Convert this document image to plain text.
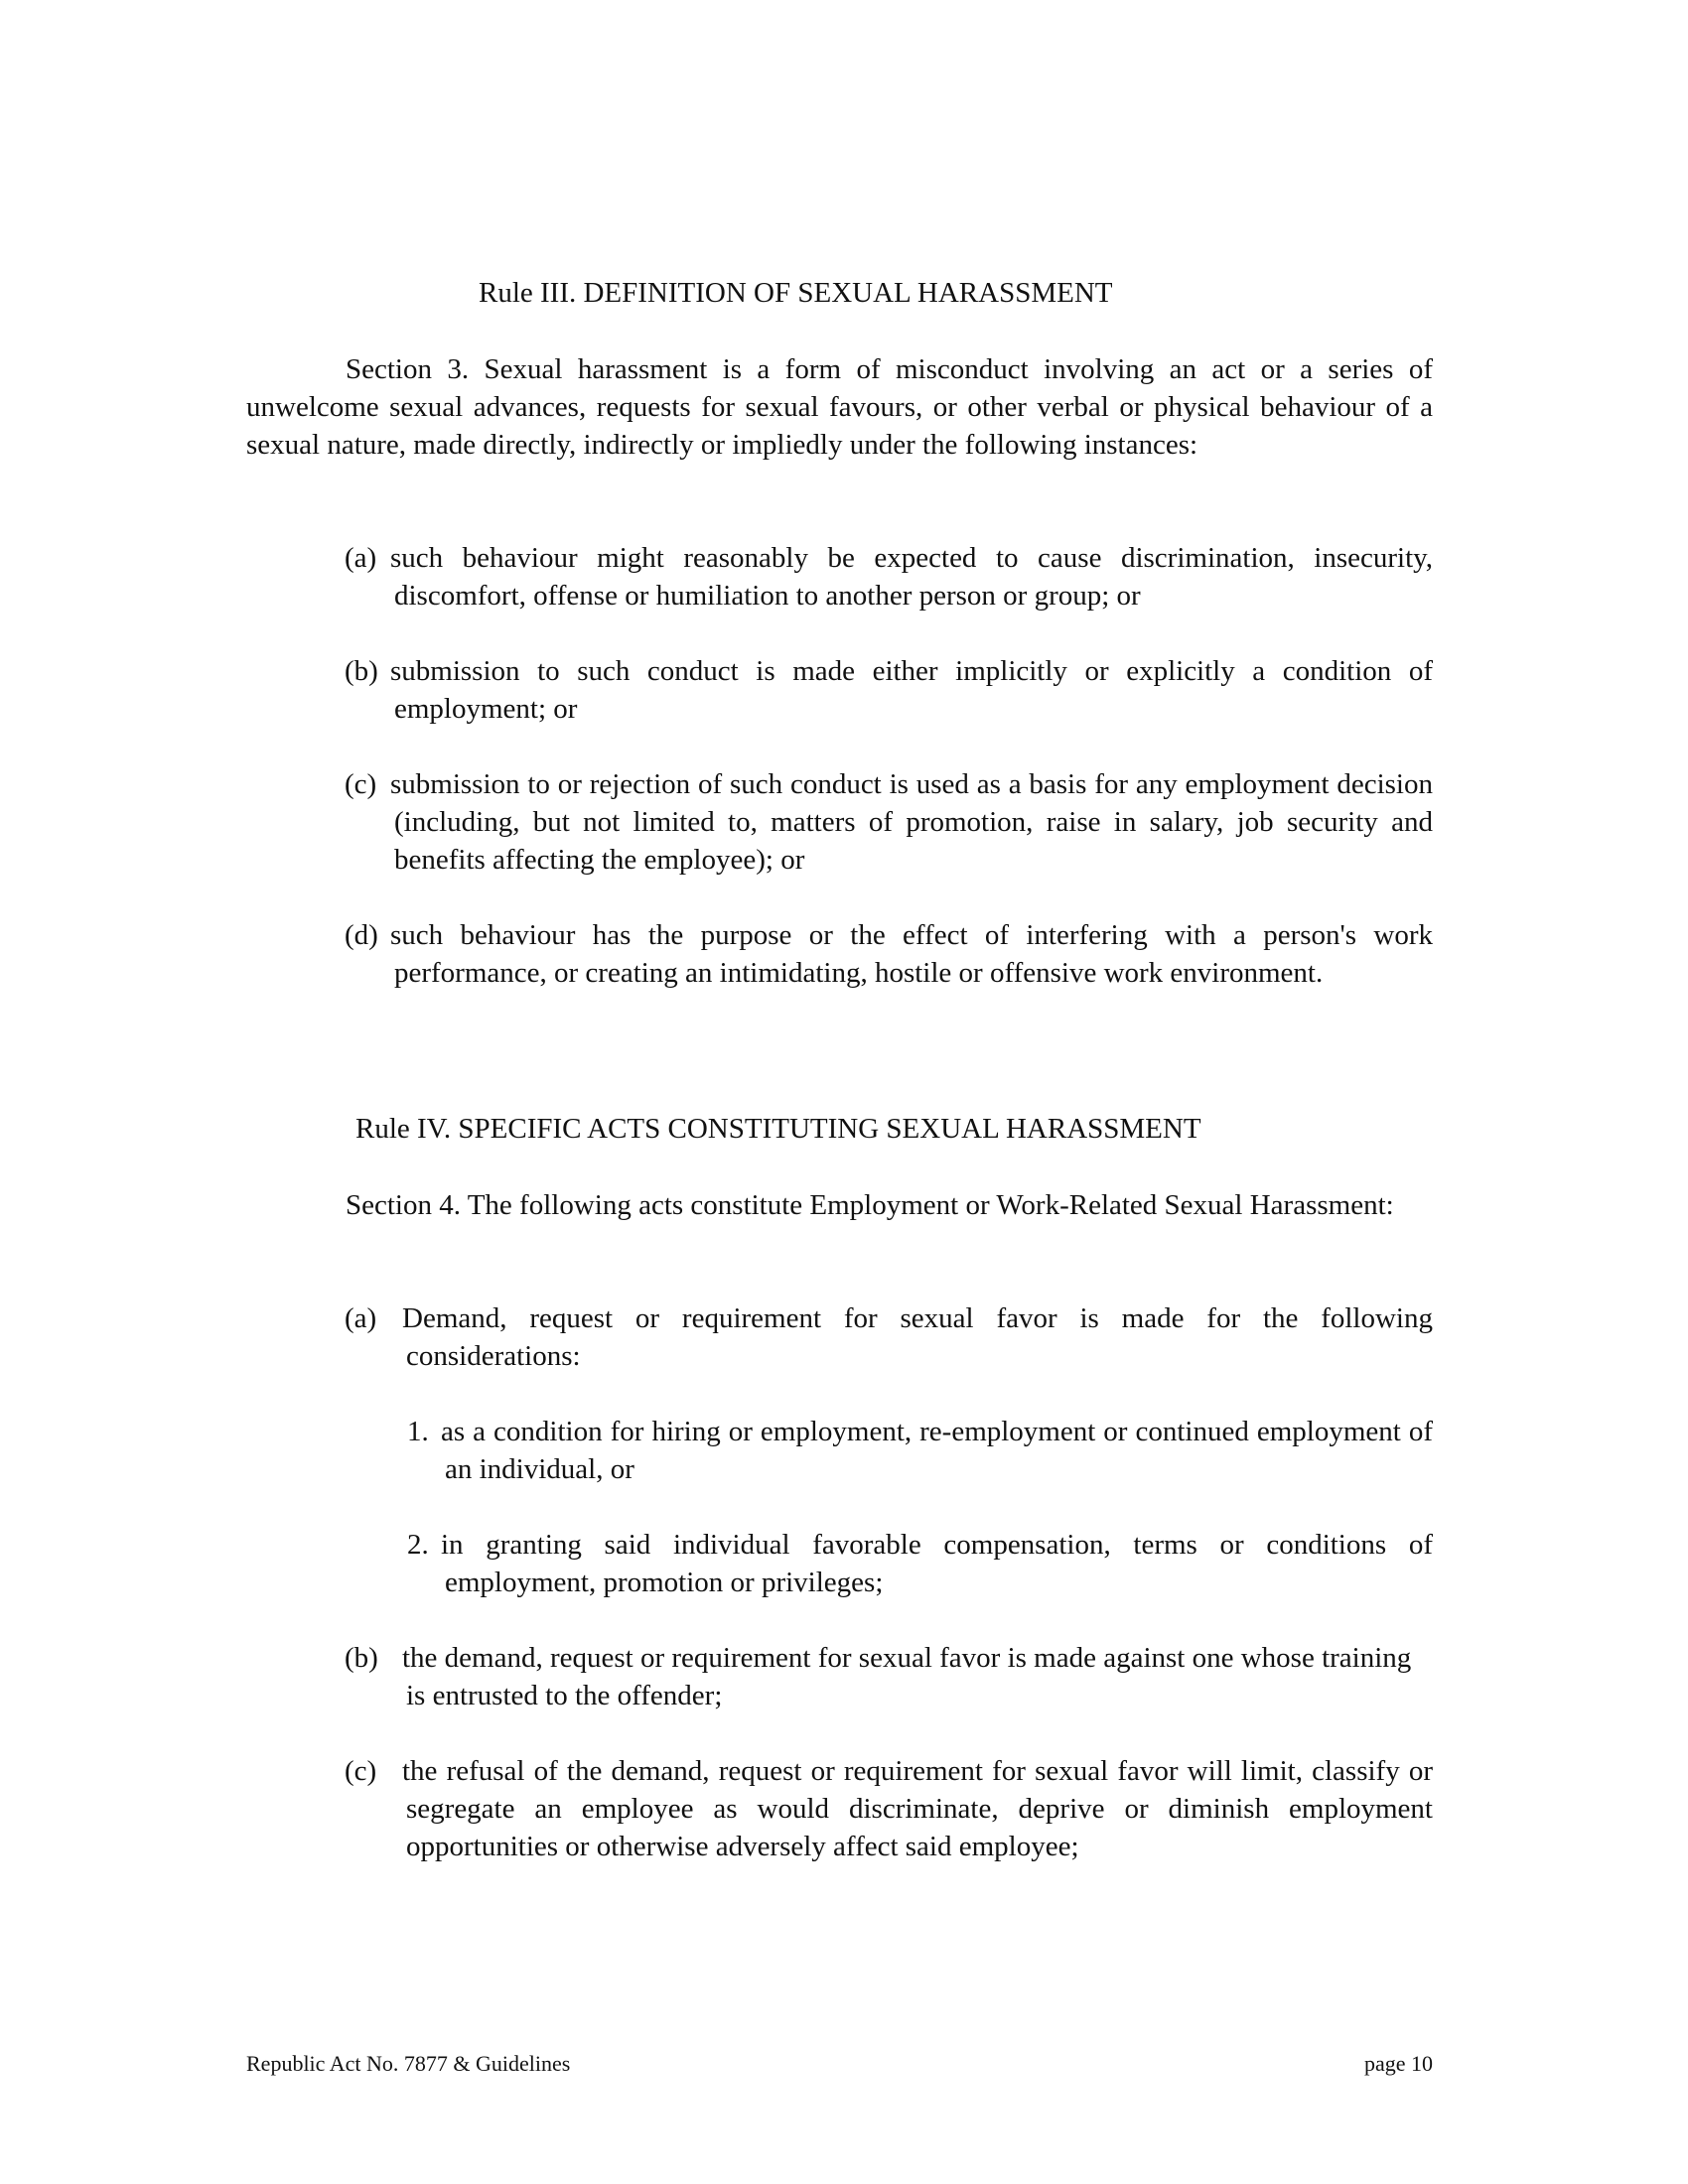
Rule III. DEFINITION OF SEXUAL HARASSMENT

Section 3. Sexual harassment is a form of misconduct involving an act or a series of unwelcome sexual advances, requests for sexual favours, or other verbal or physical behaviour of a sexual nature, made directly, indirectly or impliedly under the following instances:

(a) such behaviour might reasonably be expected to cause discrimination, insecurity, discomfort, offense or humiliation to another person or group; or
(b) submission to such conduct is made either implicitly or explicitly a condition of employment; or
(c) submission to or rejection of such conduct is used as a basis for any employment decision (including, but not limited to, matters of promotion, raise in salary, job security and benefits affecting the employee); or
(d) such behaviour has the purpose or the effect of interfering with a person's work performance, or creating an intimidating, hostile or offensive work environment.
Rule IV. SPECIFIC ACTS CONSTITUTING SEXUAL HARASSMENT

Section 4. The following acts constitute Employment or Work-Related Sexual Harassment:

(a) Demand, request or requirement for sexual favor is made for the following considerations:
1. as a condition for hiring or employment, re-employment or continued employment of an individual, or
2. in granting said individual favorable compensation, terms or conditions of employment, promotion or privileges;
(b) the demand, request or requirement for sexual favor is made against one whose training is entrusted to the offender;
(c) the refusal of the demand, request or requirement for sexual favor will limit, classify or segregate an employee as would discriminate, deprive or diminish employment opportunities or otherwise adversely affect said employee;
Republic Act No. 7877 & Guidelines	page 10
